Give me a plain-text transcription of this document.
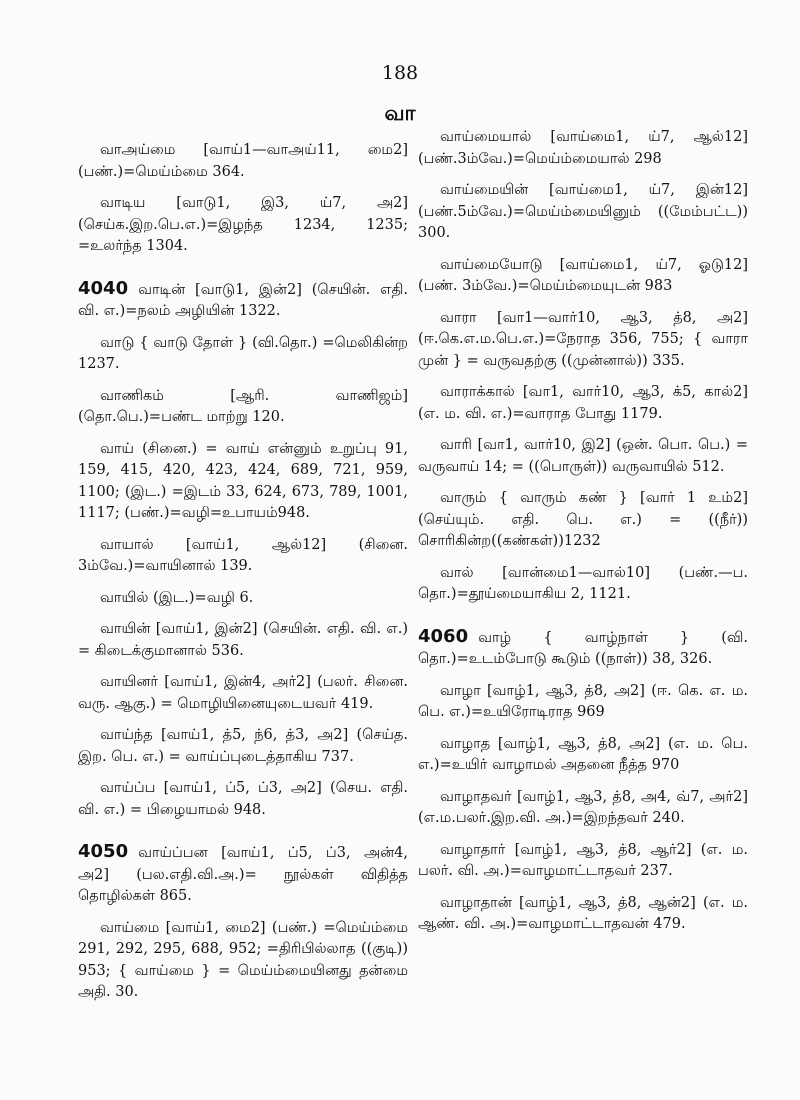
188
வா

வாஅய்மை [வாய்1—வாஅய்11, மை2] (பண்.)=மெய்ம்மை 364.

வாடிய [வாடு1, இ3, ய்7, அ2] (செய்க.இற.பெ.எ.)=இழந்த 1234, 1235; =உலர்ந்த 1304.

4040 வாடின் [வாடு1, இன்2] (செயின். எதி. வி. எ.)=நலம் அழியின் 1322.

வாடு { வாடு தோள் } (வி.தொ.) =மெலிகின்ற 1237.

வாணிகம் [ஆரி. வாணிஜம்] (தொ.பெ.)=பண்ட மாற்று 120.

வாய் (சினை.) = வாய் என்னும் உறுப்பு 91, 159, 415, 420, 423, 424, 689, 721, 959, 1100; (இட.) =இடம் 33, 624, 673, 789, 1001, 1117; (பண்.)=வழி=உபாயம்948.

வாயால் [வாய்1, ஆல்12] (சினை. 3ம்வே.)=வாயினால் 139.

வாயில் (இட.)=வழி 6.

வாயின் [வாய்1, இன்2] (செயின். எதி. வி. எ.) = கிடைக்குமானால் 536.

வாயினர் [வாய்1, இன்4, அர்2] (பலர். சினை. வரு. ஆகு.) = மொழியினையுடையவர் 419.

வாய்ந்த [வாய்1, த்5, ந்6, த்3, அ2] (செய்த. இற. பெ. எ.) = வாய்ப்புடைத்தாகிய 737.

வாய்ப்ப [வாய்1, ப்5, ப்3, அ2] (செய. எதி. வி. எ.) = பிழையாமல் 948.

4050 வாய்ப்பன [வாய்1, ப்5, ப்3, அன்4, அ2] (பல.எதி.வி.அ.)= நூல்கள் விதித்த தொழில்கள் 865.

வாய்மை [வாய்1, மை2] (பண்.) =மெய்ம்மை 291, 292, 295, 688, 952; =திரிபில்லாத ((குடி)) 953; { வாய்மை } = மெய்ம்மையினது தன்மை அதி. 30.

வாய்மையால் [வாய்மை1, ய்7, ஆல்12] (பண்.3ம்வே.)=மெய்ம்மையால் 298

வாய்மையின் [வாய்மை1, ய்7, இன்12](பண்.5ம்வே.)=மெய்ம்மையினும் ((மேம்பட்ட)) 300.

வாய்மையோடு [வாய்மை1, ய்7, ஓடு12] (பண். 3ம்வே.)=மெய்ம்மையுடன் 983

வாரா [வா1—வார்10, ஆ3, த்8, அ2] (ஈ.கெ.எ.ம.பெ.எ.)=நேராத 356, 755; { வாரா முன் } = வருவதற்கு ((முன்னால்)) 335.

வாராக்கால் [வா1, வார்10, ஆ3, க்5, கால்2] (எ. ம. வி. எ.)=வாராத போது 1179.

வாரி [வா1, வார்10, இ2] (ஒன். பொ. பெ.) = வருவாய் 14; = ((பொருள்)) வருவாயில் 512.

வாரும் { வாரும் கண் } [வார் 1 உம்2] (செய்யும். எதி. பெ. எ.) = ((நீர்)) சொரிகின்ற((கண்கள்))1232

வால் [வான்மை1—வால்10] (பண்.—ப. தொ.)=தூய்மையாகிய 2, 1121.

4060 வாழ் { வாழ்நாள் } (வி. தொ.)=உடம்போடு கூடும் ((நாள்)) 38, 326.

வாழா [வாழ்1, ஆ3, த்8, அ2] (ஈ. கெ. எ. ம. பெ. எ.)=உயிரோடிராத 969

வாழாத [வாழ்1, ஆ3, த்8, அ2] (எ. ம. பெ. எ.)=உயிர் வாழாமல் அதனை நீத்த 970

வாழாதவர் [வாழ்1, ஆ3, த்8, அ4, வ்7, அர்2] (எ.ம.பலர்.இற.வி. அ.)=இறந்தவர் 240.

வாழாதார் [வாழ்1, ஆ3, த்8, ஆர்2] (எ. ம. பலர். வி. அ.)=வாழமாட்டாதவர் 237.

வாழாதான் [வாழ்1, ஆ3, த்8, ஆன்2] (எ. ம. ஆண். வி. அ.)=வாழமாட்டாதவன் 479.
